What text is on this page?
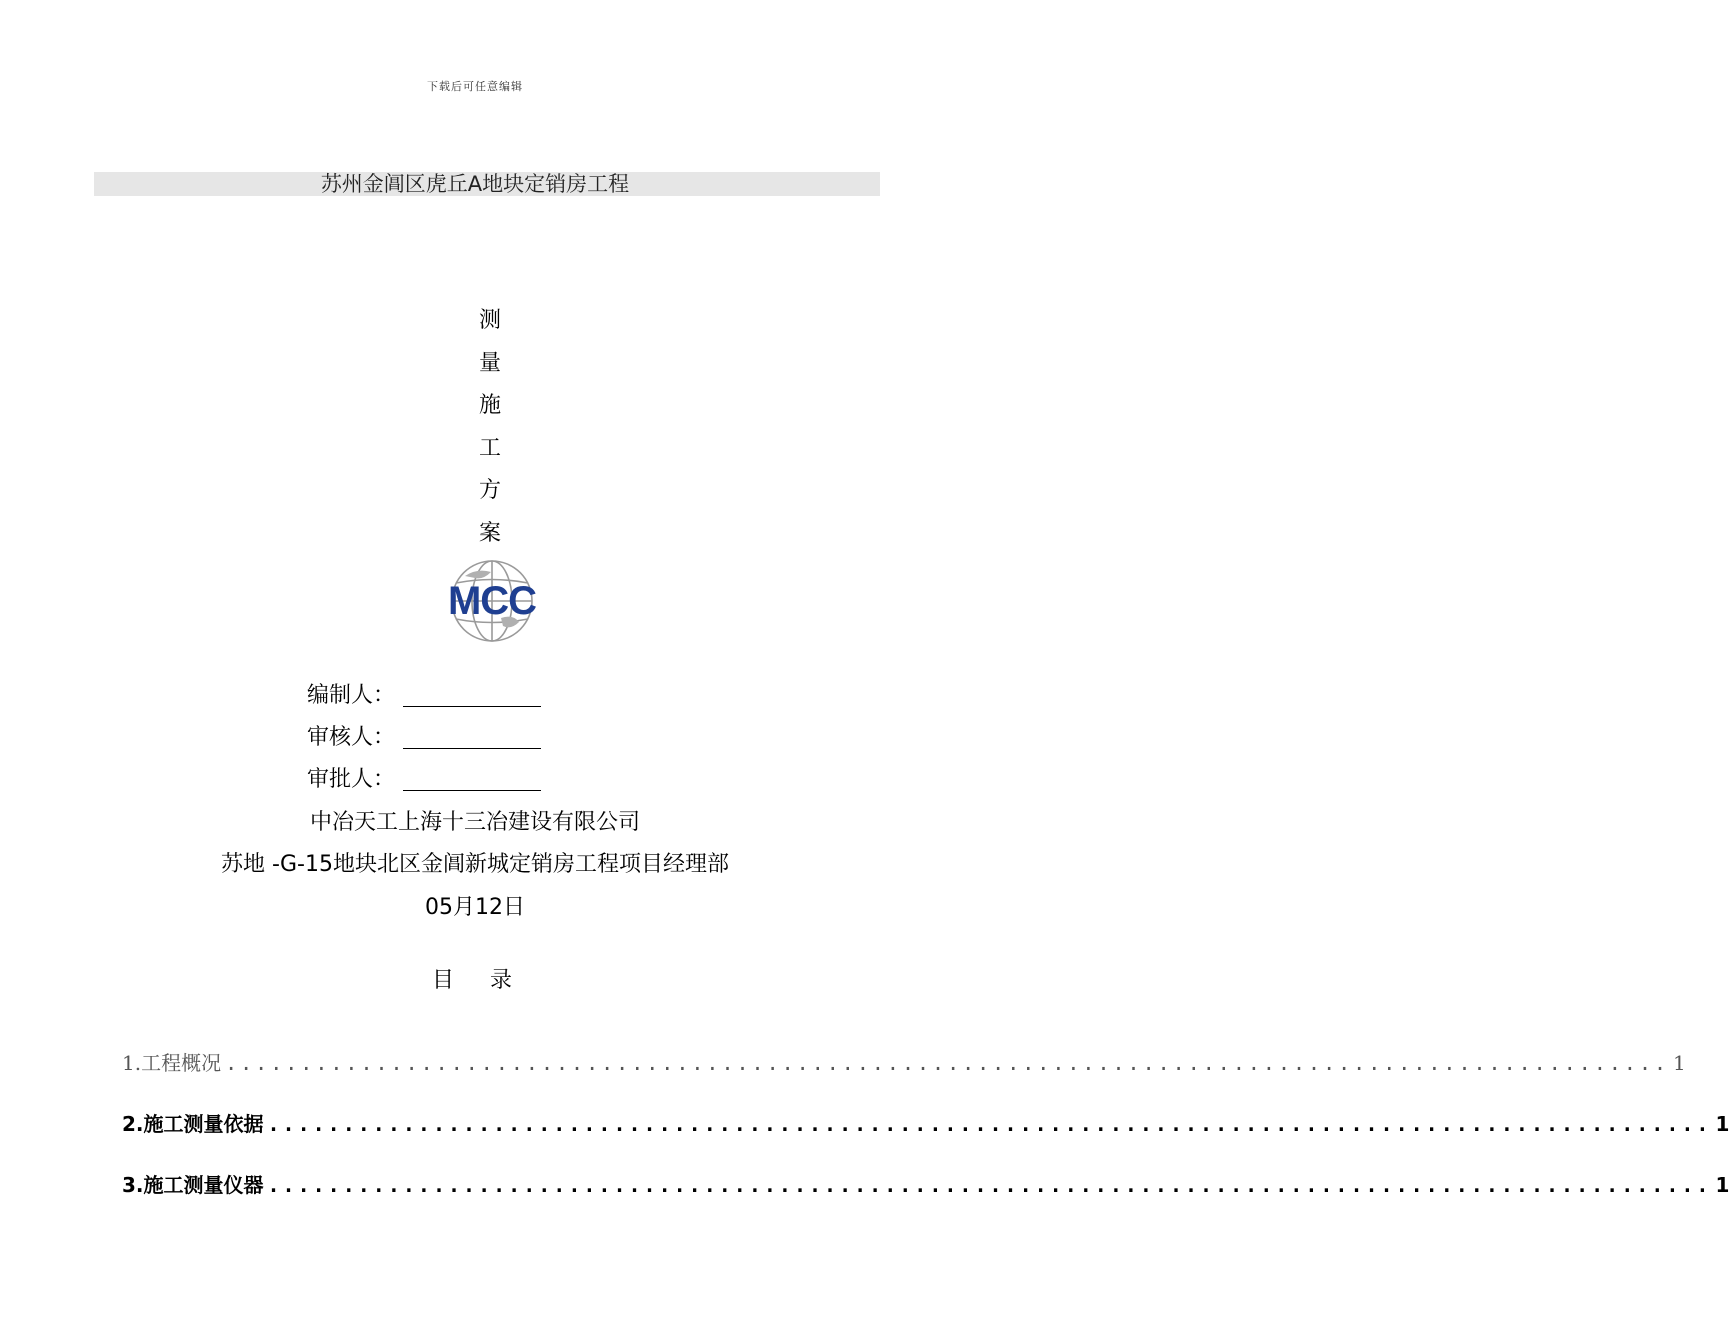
下载后可任意编辑
苏州金阊区虎丘A地块定销房工程
测
量
施
工
方
案
MCC
编制人：
审核人：
审批人：
中冶天工上海十三冶建设有限公司
苏地 -G-15地块北区金阊新城定销房工程项目经理部
05月12日
目录
1.工程概况 ................................................................................................ 1
2.施工测量依据 ................................................................................................ 1
3.施工测量仪器 ................................................................................................ 1
